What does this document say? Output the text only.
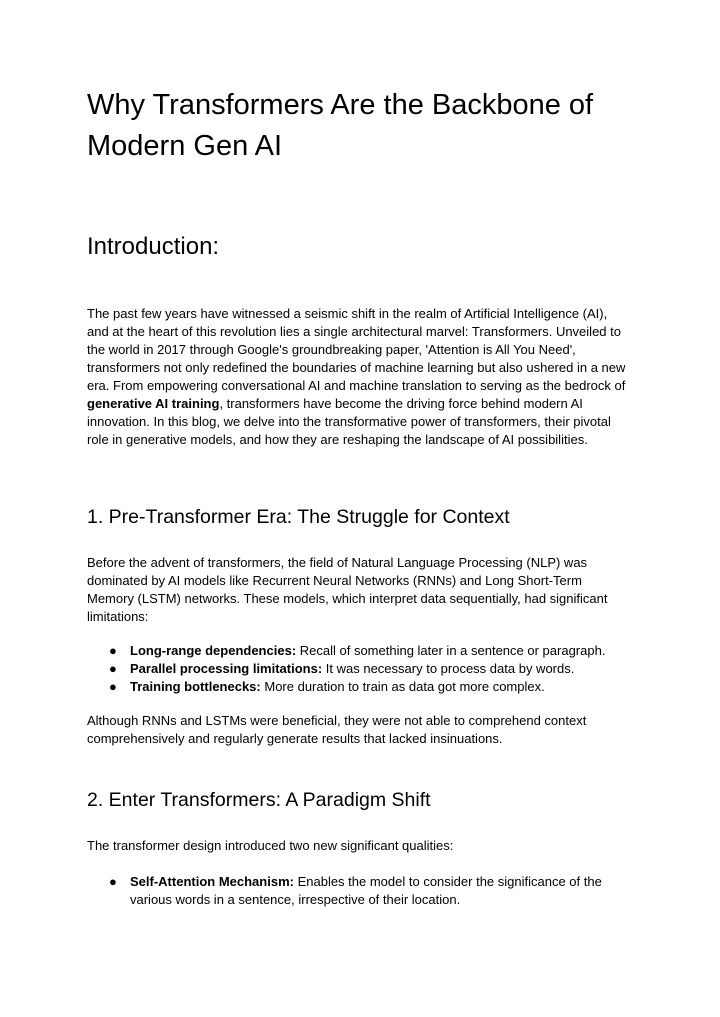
Why Transformers Are the Backbone of Modern Gen AI
Introduction:

The past few years have witnessed a seismic shift in the realm of Artificial Intelligence (AI), and at the heart of this revolution lies a single architectural marvel: Transformers. Unveiled to the world in 2017 through Google's groundbreaking paper, 'Attention is All You Need', transformers not only redefined the boundaries of machine learning but also ushered in a new era. From empowering conversational AI and machine translation to serving as the bedrock of generative AI training, transformers have become the driving force behind modern AI innovation. In this blog, we delve into the transformative power of transformers, their pivotal role in generative models, and how they are reshaping the landscape of AI possibilities.

1. Pre-Transformer Era: The Struggle for Context

Before the advent of transformers, the field of Natural Language Processing (NLP) was dominated by AI models like Recurrent Neural Networks (RNNs) and Long Short-Term Memory (LSTM) networks. These models, which interpret data sequentially, had significant limitations:

● Long-range dependencies: Recall of something later in a sentence or paragraph.
● Parallel processing limitations: It was necessary to process data by words.
● Training bottlenecks: More duration to train as data got more complex.

Although RNNs and LSTMs were beneficial, they were not able to comprehend context comprehensively and regularly generate results that lacked insinuations.

2. Enter Transformers: A Paradigm Shift

The transformer design introduced two new significant qualities:

● Self-Attention Mechanism: Enables the model to consider the significance of the various words in a sentence, irrespective of their location.
